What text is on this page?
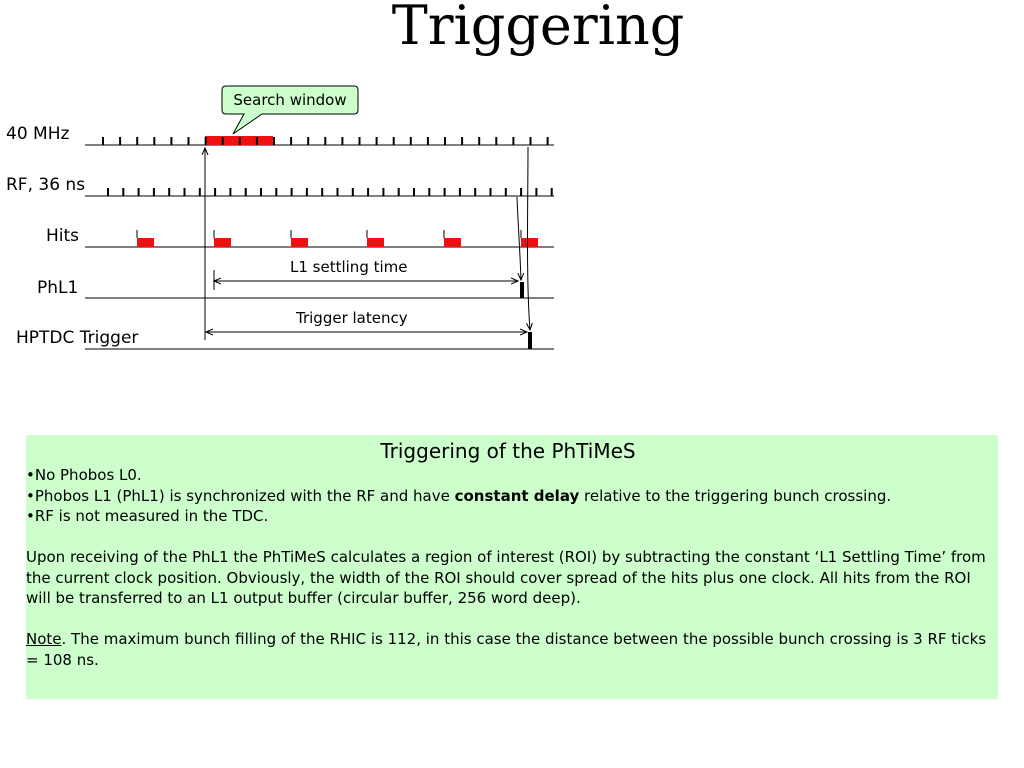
Triggering
40 MHz
RF, 36 ns
Hits
PhL1
HPTDC Trigger
Search window
L1 settling time
Trigger latency
Triggering of the PhTiMeS

•No Phobos L0.

•Phobos L1 (PhL1) is synchronized with the RF and have constant delay relative to the triggering bunch crossing.

•RF is not measured in the TDC.

Upon receiving of the PhL1 the PhTiMeS calculates a region of interest (ROI) by subtracting the constant ‘L1 Settling Time’ from the current clock position. Obviously, the width of the ROI should cover spread of the hits plus one clock. All hits from the ROI will be transferred to an L1 output buffer (circular buffer, 256 word deep).

Note. The maximum bunch filling of the RHIC is 112, in this case the distance between the possible bunch crossing is 3 RF ticks = 108 ns.
